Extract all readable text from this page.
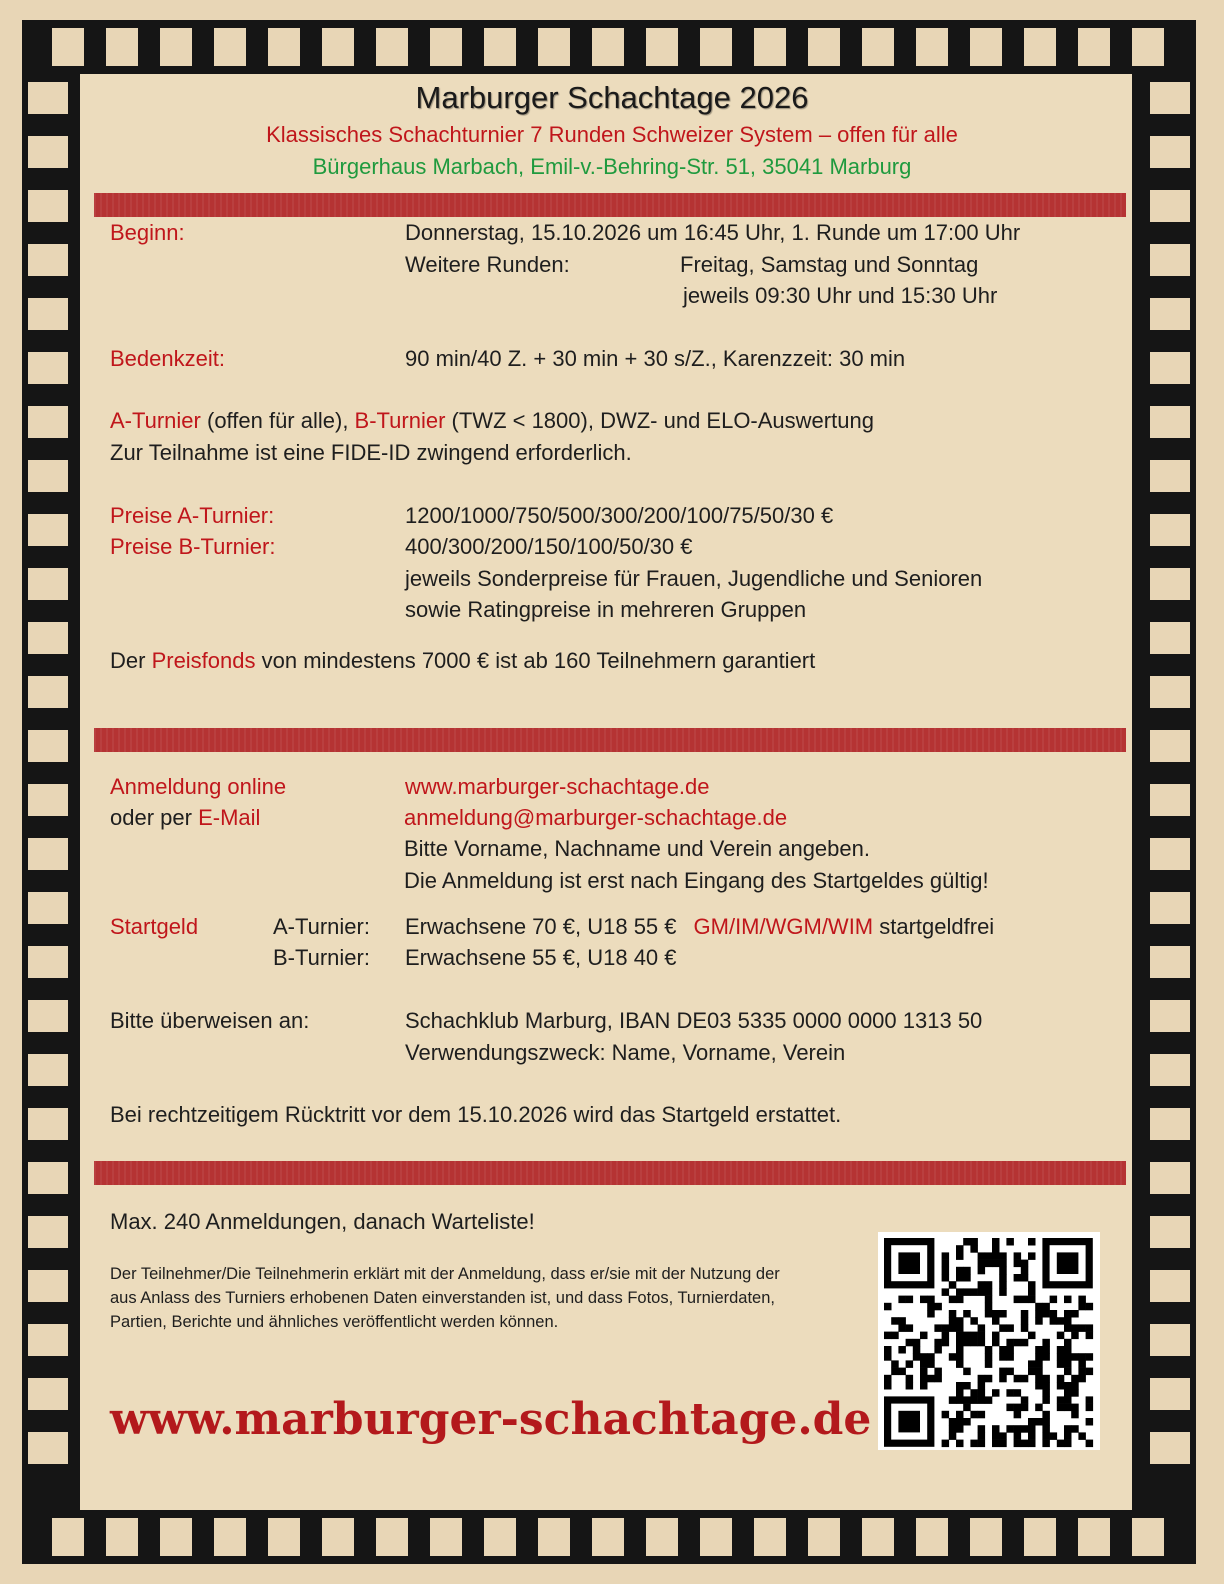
Marburger Schachtage 2026
Klassisches Schachturnier 7 Runden Schweizer System – offen für alle
Bürgerhaus Marbach, Emil-v.-Behring-Str. 51, 35041 Marburg
Beginn:	Donnerstag, 15.10.2026 um 16:45 Uhr, 1. Runde um 17:00 Uhr
Weitere Runden:	Freitag, Samstag und Sonntag
jeweils 09:30 Uhr und 15:30 Uhr
Bedenkzeit:	90 min/40 Z. + 30 min + 30 s/Z., Karenzzeit: 30 min
A-Turnier (offen für alle), B-Turnier (TWZ < 1800), DWZ- und ELO-Auswertung
Zur Teilnahme ist eine FIDE-ID zwingend erforderlich.
Preise A-Turnier:	1200/1000/750/500/300/200/100/75/50/30 €
Preise B-Turnier:	400/300/200/150/100/50/30 €
jeweils Sonderpreise für Frauen, Jugendliche und Senioren
sowie Ratingpreise in mehreren Gruppen
Der Preisfonds von mindestens 7000 € ist ab 160 Teilnehmern garantiert
Anmeldung online	www.marburger-schachtage.de
oder per E-Mail	anmeldung@marburger-schachtage.de
Bitte Vorname, Nachname und Verein angeben.
Die Anmeldung ist erst nach Eingang des Startgeldes gültig!
Startgeld	A-Turnier: Erwachsene 70 €, U18 55 € GM/IM/WGM/WIM startgeldfrei
B-Turnier: Erwachsene 55 €, U18 40 €
Bitte überweisen an:	Schachklub Marburg, IBAN DE03 5335 0000 0000 1313 50
Verwendungszweck: Name, Vorname, Verein
Bei rechtzeitigem Rücktritt vor dem 15.10.2026 wird das Startgeld erstattet.
Max. 240 Anmeldungen, danach Warteliste!
Der Teilnehmer/Die Teilnehmerin erklärt mit der Anmeldung, dass er/sie mit der Nutzung der aus Anlass des Turniers erhobenen Daten einverstanden ist, und dass Fotos, Turnierdaten, Partien, Berichte und ähnliches veröffentlicht werden können.
www.marburger-schachtage.de
